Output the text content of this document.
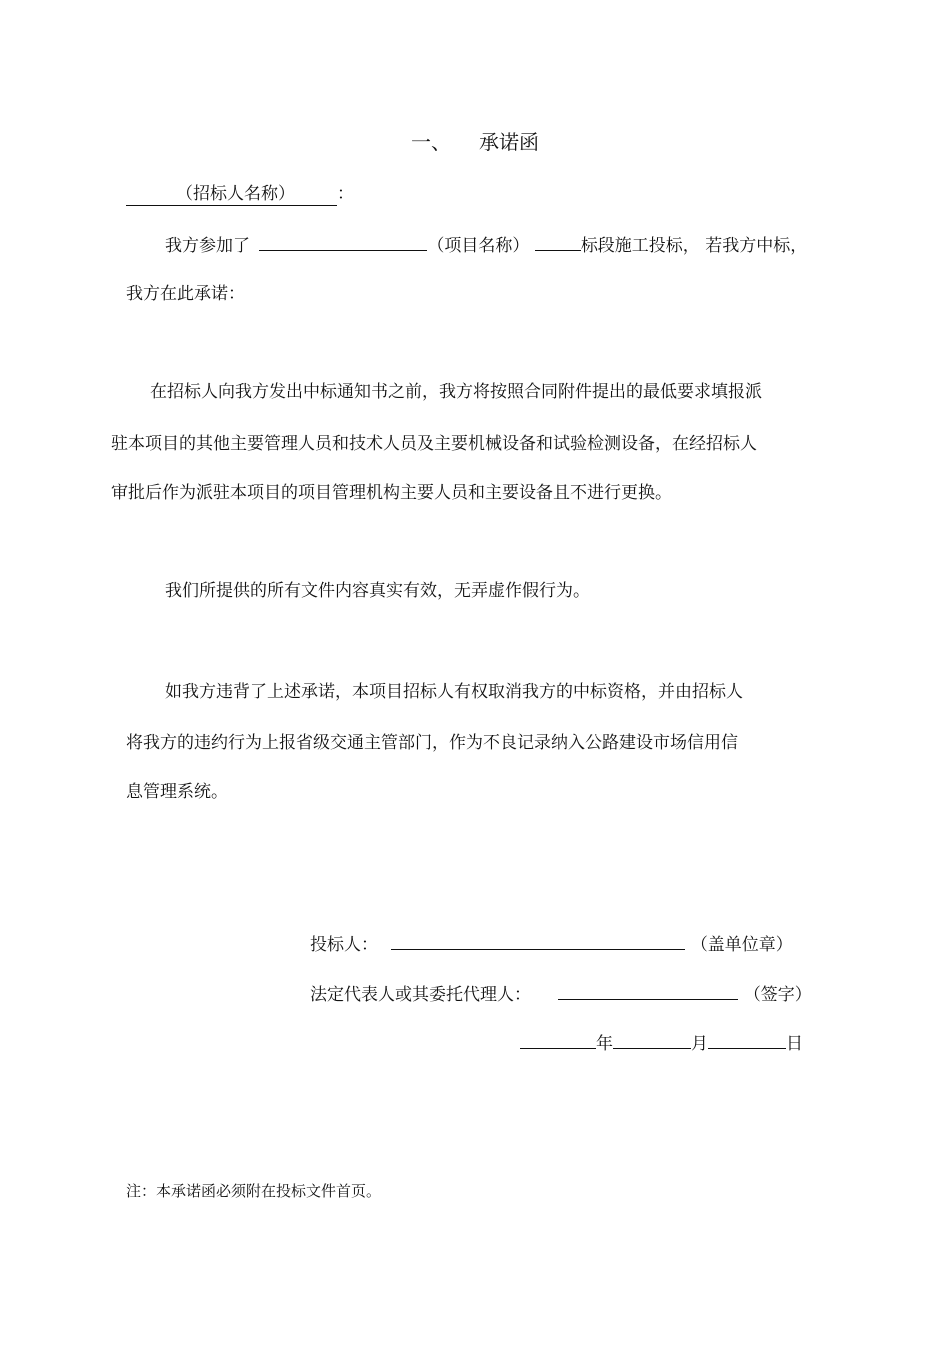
一、 承诺函
（招标人名称） ：
我方参加了	（项目名称）	标段施工投标， 若我方中标，
我方在此承诺：
在招标人向我方发出中标通知书之前，我方将按照合同附件提出的最低要求填报派
驻本项目的其他主要管理人员和技术人员及主要机械设备和试验检测设备，在经招标人
审批后作为派驻本项目的项目管理机构主要人员和主要设备且不进行更换。
我们所提供的所有文件内容真实有效，无弄虚作假行为。
如我方违背了上述承诺，本项目招标人有权取消我方的中标资格，并由招标人
将我方的违约行为上报省级交通主管部门，作为不良记录纳入公路建设市场信用信
息管理系统。
投标人：	（盖单位章）
法定代表人或其委托代理人：	（签字）
年	月	日
注：本承诺函必须附在投标文件首页。
